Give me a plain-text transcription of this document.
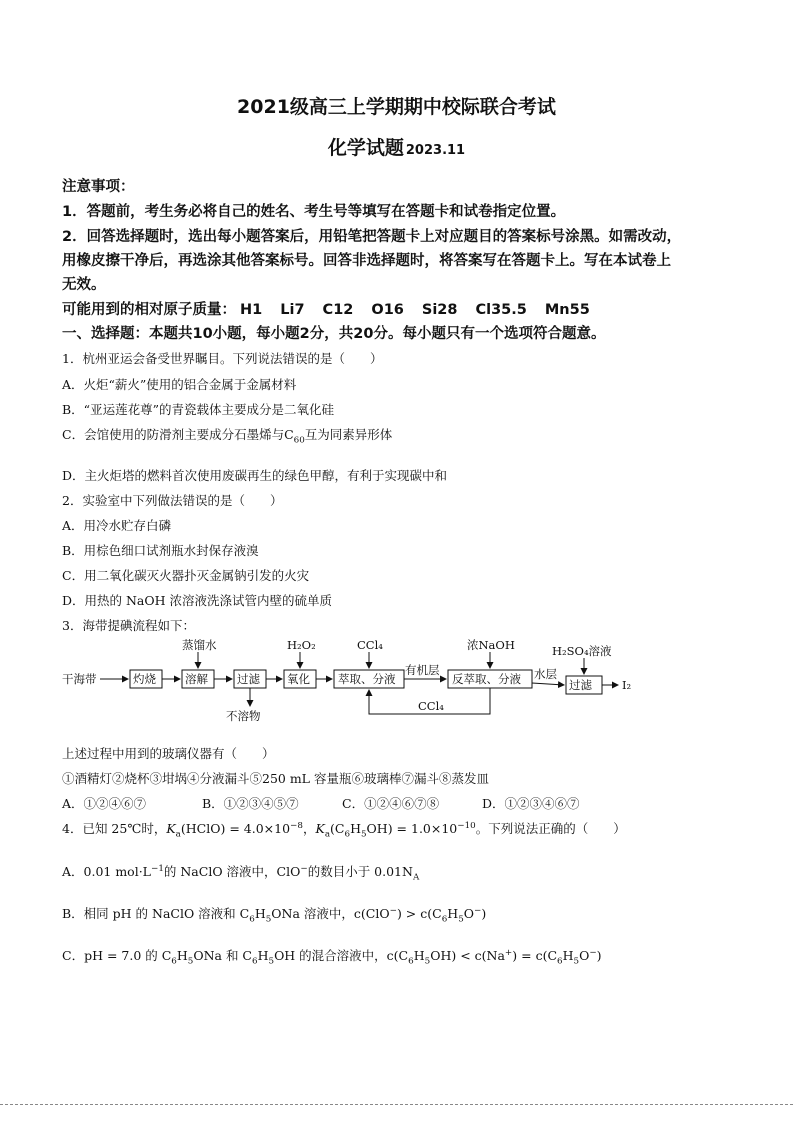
2021级高三上学期期中校际联合考试
化学试题 2023.11
注意事项：
1．答题前，考生务必将自己的姓名、考生号等填写在答题卡和试卷指定位置。
2．回答选择题时，选出每小题答案后，用铅笔把答题卡上对应题目的答案标号涂黑。如需改动，
用橡皮擦干净后，再选涂其他答案标号。回答非选择题时，将答案写在答题卡上。写在本试卷上
无效。
可能用到的相对原子质量： H1 Li7 C12 O16 Si28 Cl35.5 Mn55
一、选择题：本题共10小题，每小题2分，共20分。每小题只有一个选项符合题意。
1．杭州亚运会备受世界瞩目。下列说法错误的是（　　）
A．火炬“薪火”使用的铝合金属于金属材料
B．“亚运莲花尊”的青瓷载体主要成分是二氧化硅
C．会馆使用的防滑剂主要成分石墨烯与$C_{60}$互为同素异形体
D．主火炬塔的燃料首次使用废碳再生的绿色甲醇，有利于实现碳中和
2．实验室中下列做法错误的是（　　）
A．用冷水贮存白磷
B．用棕色细口试剂瓶水封保存液溴
C．用二氧化碳灭火器扑灭金属钠引发的火灾
D．用热的 NaOH 浓溶液洗涤试管内壁的硫单质
3．海带提碘流程如下：
干海带	灼烧	溶解	过滤 氧化 萃取、分液	反萃取、分液	过滤
蒸馏水	H₂O₂	CCl₄	浓NaOH	H₂SO₄溶液
有机层	水层
不溶物
CCl₄
I₂
上述过程中用到的玻璃仪器有（　　）
①酒精灯②烧杯③坩埚④分液漏斗⑤250 mL 容量瓶⑥玻璃棒⑦漏斗⑧蒸发皿
A．①②④⑥⑦	B．①②③④⑤⑦	C．①②④⑥⑦⑧	D．①②③④⑥⑦
4．已知 25℃时，$K_a(HClO) = 4.0\times 10^{-8}$，$K_a(C_6H_5OH) = 1.0\times 10^{-10}$。下列说法正确的（　　）
A．0.01 $mol\cdot L^{-1}$的 NaClO 溶液中，ClO−的数目小于 $0.01N_A$
B．相同 pH 的 NaClO 溶液和 $C_6H_5ONa$ 溶液中，$c(ClO^-) > c(C_6H_5O^-)$
C．pH = 7.0 的 $C_6H_5ONa$ 和 $C_6H_5OH$ 的混合溶液中，$c(C_6H_5OH) < c(Na^+) = c(C_6H_5O^-)$
